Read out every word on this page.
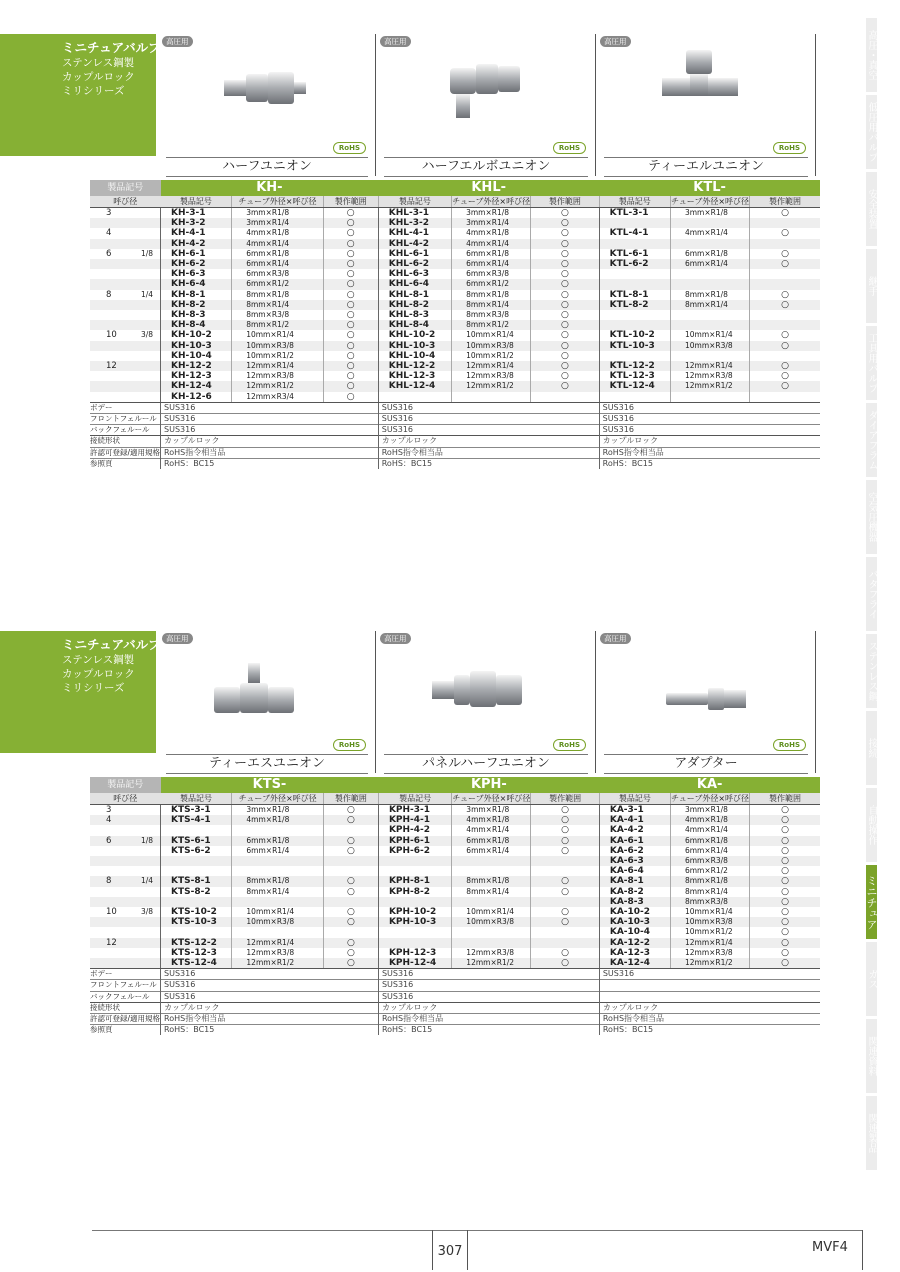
高圧・真空
低圧用バルブ
安全装置
継手
工具用バルブ
ダイアフラム
空気圧機器
バタフライ
ステンレス鋼
接続
自動操作
ミニチュア
ガス
関連資料
関連製品
ミニチュアバルブ
ステンレス鋼製
カップルロック
ミリシリーズ
高圧用
RoHS
ハーフユニオン
高圧用
RoHS
ハーフエルボユニオン
高圧用
RoHS
ティーエルユニオン
製品記号	KH-			KHL-			KTL-		
呼び径	製品記号	チューブ外径×呼び径	製作範囲	製品記号	チューブ外径×呼び径	製作範囲	製品記号	チューブ外径×呼び径	製作範囲
3	KH-3-1	3mm×R1/8	○	KHL-3-1	3mm×R1/8	○	KTL-3-1	3mm×R1/8	○
	KH-3-2	3mm×R1/4	○	KHL-3-2	3mm×R1/4	○			
4	KH-4-1	4mm×R1/8	○	KHL-4-1	4mm×R1/8	○	KTL-4-1	4mm×R1/4	○
	KH-4-2	4mm×R1/4	○	KHL-4-2	4mm×R1/4	○			
6 1/8	KH-6-1	6mm×R1/8	○	KHL-6-1	6mm×R1/8	○	KTL-6-1	6mm×R1/8	○
	KH-6-2	6mm×R1/4	○	KHL-6-2	6mm×R1/4	○	KTL-6-2	6mm×R1/4	○
	KH-6-3	6mm×R3/8	○	KHL-6-3	6mm×R3/8	○			
	KH-6-4	6mm×R1/2	○	KHL-6-4	6mm×R1/2	○			
8 1/4	KH-8-1	8mm×R1/8	○	KHL-8-1	8mm×R1/8	○	KTL-8-1	8mm×R1/8	○
	KH-8-2	8mm×R1/4	○	KHL-8-2	8mm×R1/4	○	KTL-8-2	8mm×R1/4	○
	KH-8-3	8mm×R3/8	○	KHL-8-3	8mm×R3/8	○			
	KH-8-4	8mm×R1/2	○	KHL-8-4	8mm×R1/2	○			
10 3/8	KH-10-2	10mm×R1/4	○	KHL-10-2	10mm×R1/4	○	KTL-10-2	10mm×R1/4	○
	KH-10-3	10mm×R3/8	○	KHL-10-3	10mm×R3/8	○	KTL-10-3	10mm×R3/8	○
	KH-10-4	10mm×R1/2	○	KHL-10-4	10mm×R1/2	○			
12	KH-12-2	12mm×R1/4	○	KHL-12-2	12mm×R1/4	○	KTL-12-2	12mm×R1/4	○
	KH-12-3	12mm×R3/8	○	KHL-12-3	12mm×R3/8	○	KTL-12-3	12mm×R3/8	○
	KH-12-4	12mm×R1/2	○	KHL-12-4	12mm×R1/2	○	KTL-12-4	12mm×R1/2	○
	KH-12-6	12mm×R3/4	○						
ボデー	SUS316			SUS316			SUS316		
フロントフェルール	SUS316			SUS316			SUS316		
バックフェルール	SUS316			SUS316			SUS316		
接続形状	カップルロック			カップルロック			カップルロック		
許認可登録/適用規格	RoHS指令相当品			RoHS指令相当品			RoHS指令相当品		
参照頁	RoHS：BC15			RoHS：BC15			RoHS：BC15		
ミニチュアバルブ
ステンレス鋼製
カップルロック
ミリシリーズ
高圧用
RoHS
ティーエスユニオン
高圧用
RoHS
パネルハーフユニオン
高圧用
RoHS
アダプター
製品記号	KTS-			KPH-			KA-		
呼び径	製品記号	チューブ外径×呼び径	製作範囲	製品記号	チューブ外径×呼び径	製作範囲	製品記号	チューブ外径×呼び径	製作範囲
3	KTS-3-1	3mm×R1/8	○	KPH-3-1	3mm×R1/8	○	KA-3-1	3mm×R1/8	○
4	KTS-4-1	4mm×R1/8	○	KPH-4-1	4mm×R1/8	○	KA-4-1	4mm×R1/8	○
				KPH-4-2	4mm×R1/4	○	KA-4-2	4mm×R1/4	○
6 1/8	KTS-6-1	6mm×R1/8	○	KPH-6-1	6mm×R1/8	○	KA-6-1	6mm×R1/8	○
	KTS-6-2	6mm×R1/4	○	KPH-6-2	6mm×R1/4	○	KA-6-2	6mm×R1/4	○
							KA-6-3	6mm×R3/8	○
							KA-6-4	6mm×R1/2	○
8 1/4	KTS-8-1	8mm×R1/8	○	KPH-8-1	8mm×R1/8	○	KA-8-1	8mm×R1/8	○
	KTS-8-2	8mm×R1/4	○	KPH-8-2	8mm×R1/4	○	KA-8-2	8mm×R1/4	○
							KA-8-3	8mm×R3/8	○
10 3/8	KTS-10-2	10mm×R1/4	○	KPH-10-2	10mm×R1/4	○	KA-10-2	10mm×R1/4	○
	KTS-10-3	10mm×R3/8	○	KPH-10-3	10mm×R3/8	○	KA-10-3	10mm×R3/8	○
							KA-10-4	10mm×R1/2	○
12	KTS-12-2	12mm×R1/4	○				KA-12-2	12mm×R1/4	○
	KTS-12-3	12mm×R3/8	○	KPH-12-3	12mm×R3/8	○	KA-12-3	12mm×R3/8	○
	KTS-12-4	12mm×R1/2	○	KPH-12-4	12mm×R1/2	○	KA-12-4	12mm×R1/2	○
ボデー	SUS316			SUS316			SUS316		
フロントフェルール	SUS316			SUS316					
バックフェルール	SUS316			SUS316					
接続形状	カップルロック			カップルロック			カップルロック		
許認可登録/適用規格	RoHS指令相当品			RoHS指令相当品			RoHS指令相当品		
参照頁	RoHS：BC15			RoHS：BC15			RoHS：BC15		
307	MVF4
